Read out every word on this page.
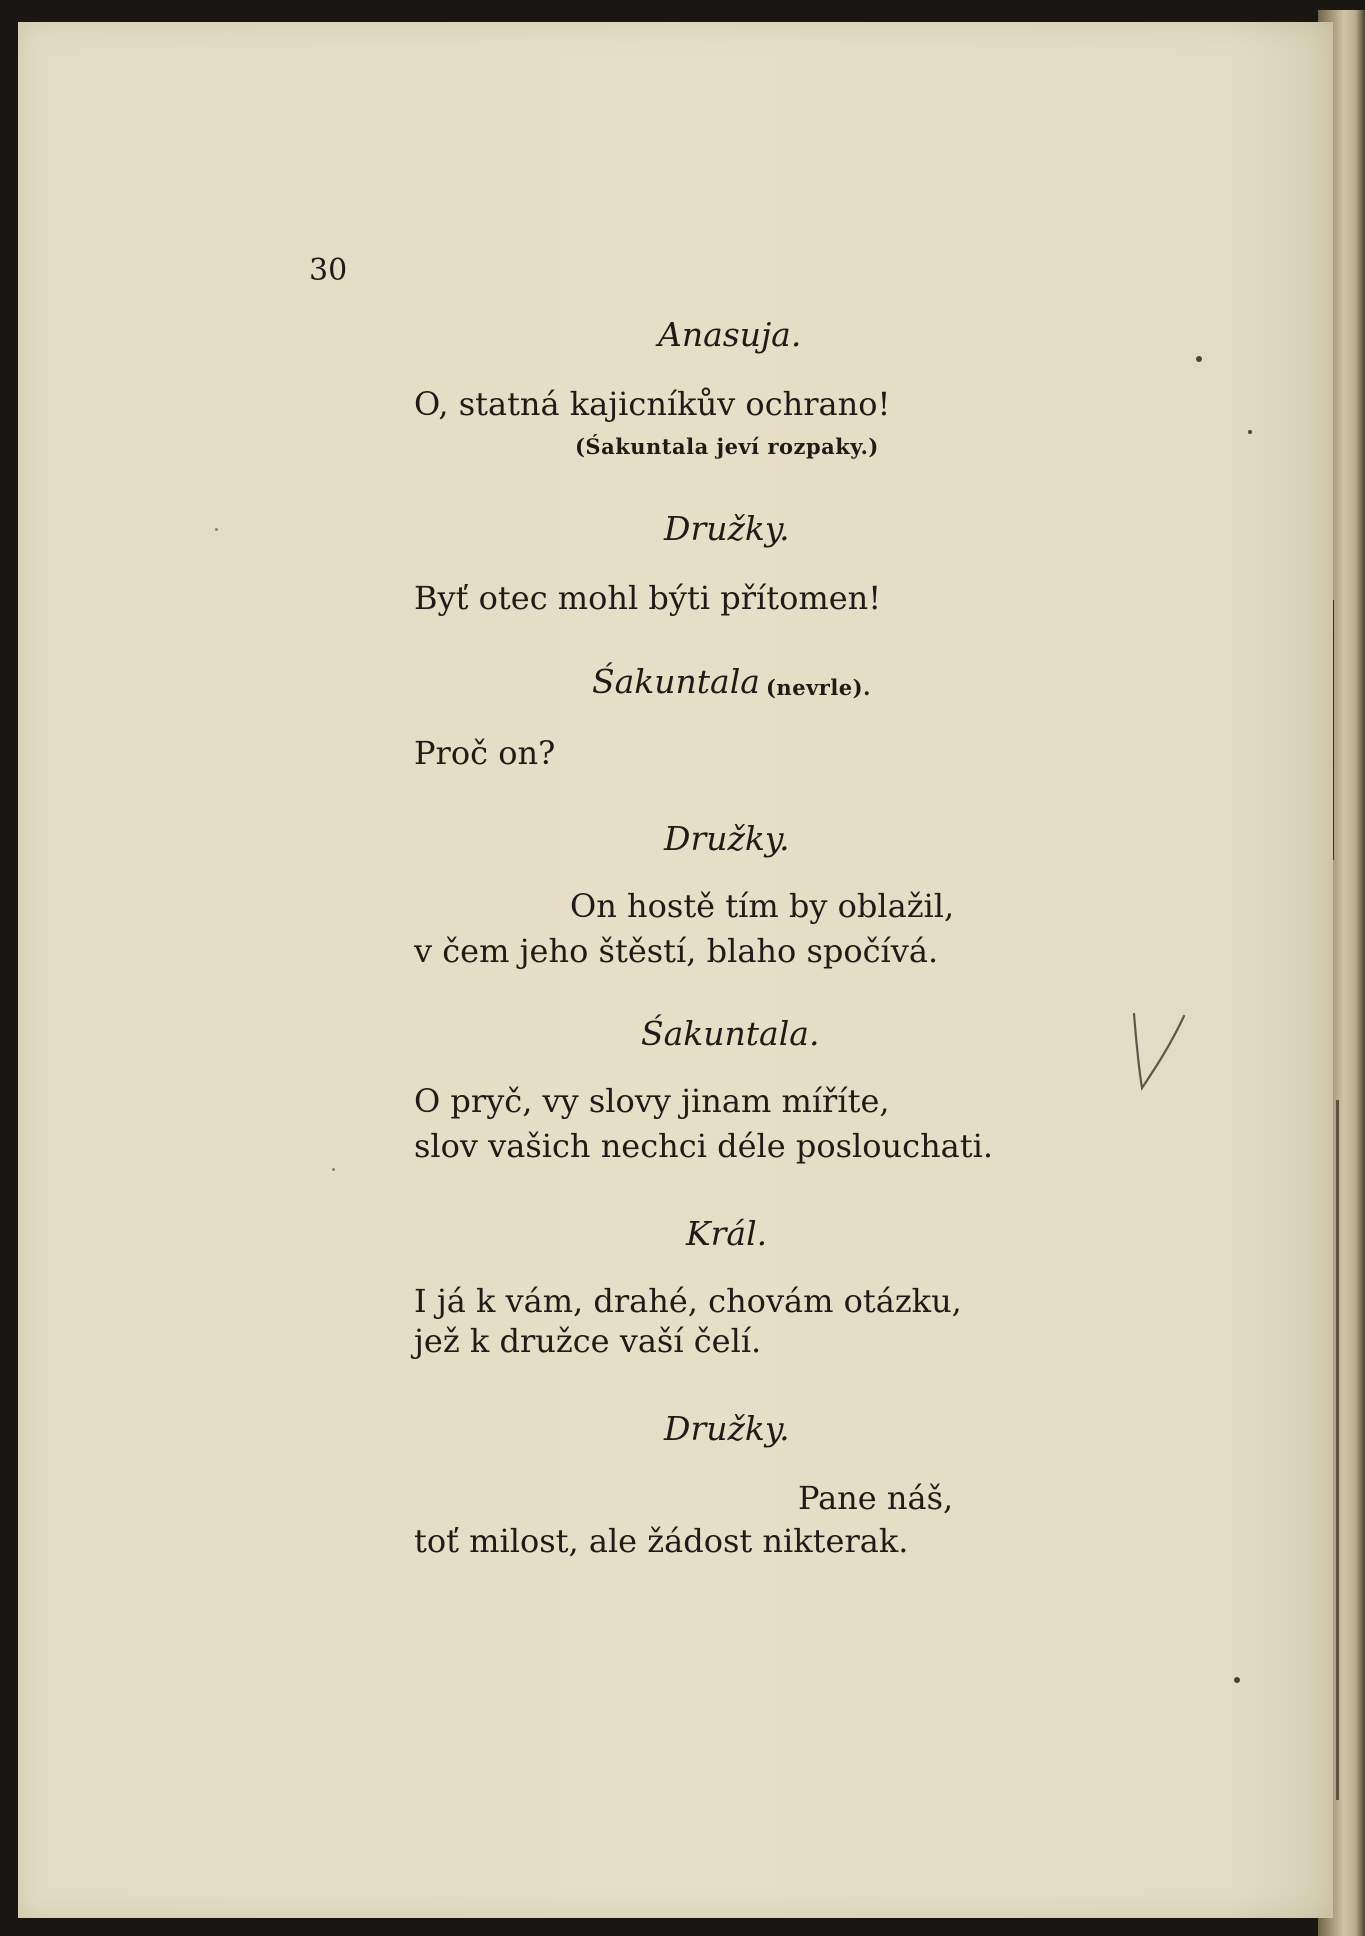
30
Anasuja.
O, statná kajicníkův ochrano!
(Śakuntala jeví rozpaky.)
Družky.
Byť otec mohl býti přítomen!
Śakuntala (nevrle).
Proč on?
Družky.
On hostě tím by oblažil,
v čem jeho štěstí, blaho spočívá.
Śakuntala.
O pryč, vy slovy jinam míříte,
slov vašich nechci déle poslouchati.
Král.
I já k vám, drahé, chovám otázku,
jež k družce vaší čelí.
Družky.
Pane náš,
toť milost, ale žádost nikterak.
